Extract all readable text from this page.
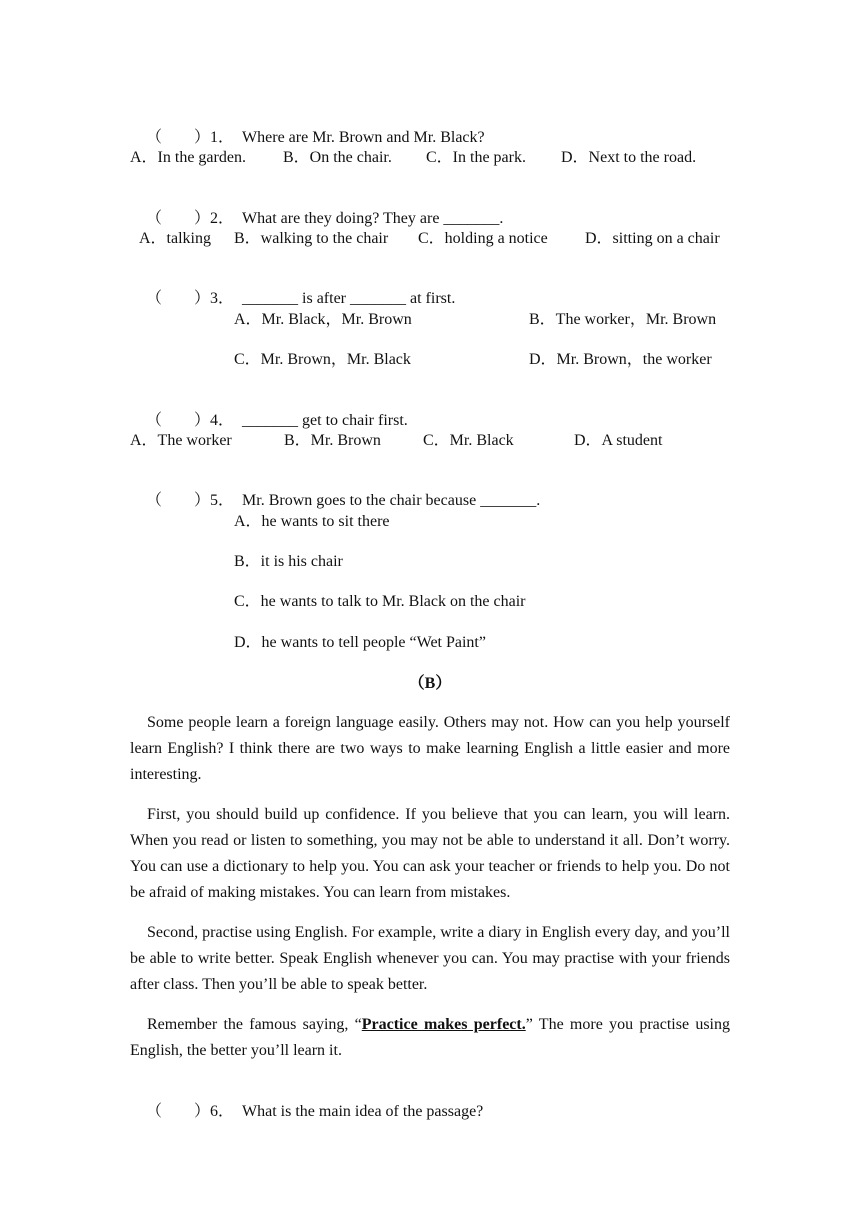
（        ）1． Where are Mr. Brown and Mr. Black?

A．In the garden. B．On the chair. C．In the park. D．Next to the road.

（        ）2． What are they doing? They are _______.

A．talking B．walking to the chair C．holding a notice D．sitting on a chair

（        ）3． _______ is after _______ at first.

A．Mr. Black，Mr. Brown	B．The worker，Mr. Brown
C．Mr. Brown，Mr. Black	D．Mr. Brown，the worker

（        ）4． _______ get to chair first.

A．The worker	B．Mr. Brown	C．Mr. Black	D．A student

（        ）5． Mr. Brown goes to the chair because _______.

A．he wants to sit there
B．it is his chair
C．he wants to talk to Mr. Black on the chair
D．he wants to tell people “Wet Paint”
（B）
Some people learn a foreign language easily. Others may not. How can you help yourself learn English? I think there are two ways to make learning English a little easier and more interesting.
First, you should build up confidence. If you believe that you can learn, you will learn. When you read or listen to something, you may not be able to understand it all. Don’t worry. You can use a dictionary to help you. You can ask your teacher or friends to help you. Do not be afraid of making mistakes. You can learn from mistakes.
Second, practise using English. For example, write a diary in English every day, and you’ll be able to write better. Speak English whenever you can. You may practise with your friends after class. Then you’ll be able to speak better.
Remember the famous saying, “Practice makes perfect.” The more you practise using English, the better you’ll learn it.

（        ）6． What is the main idea of the passage?
